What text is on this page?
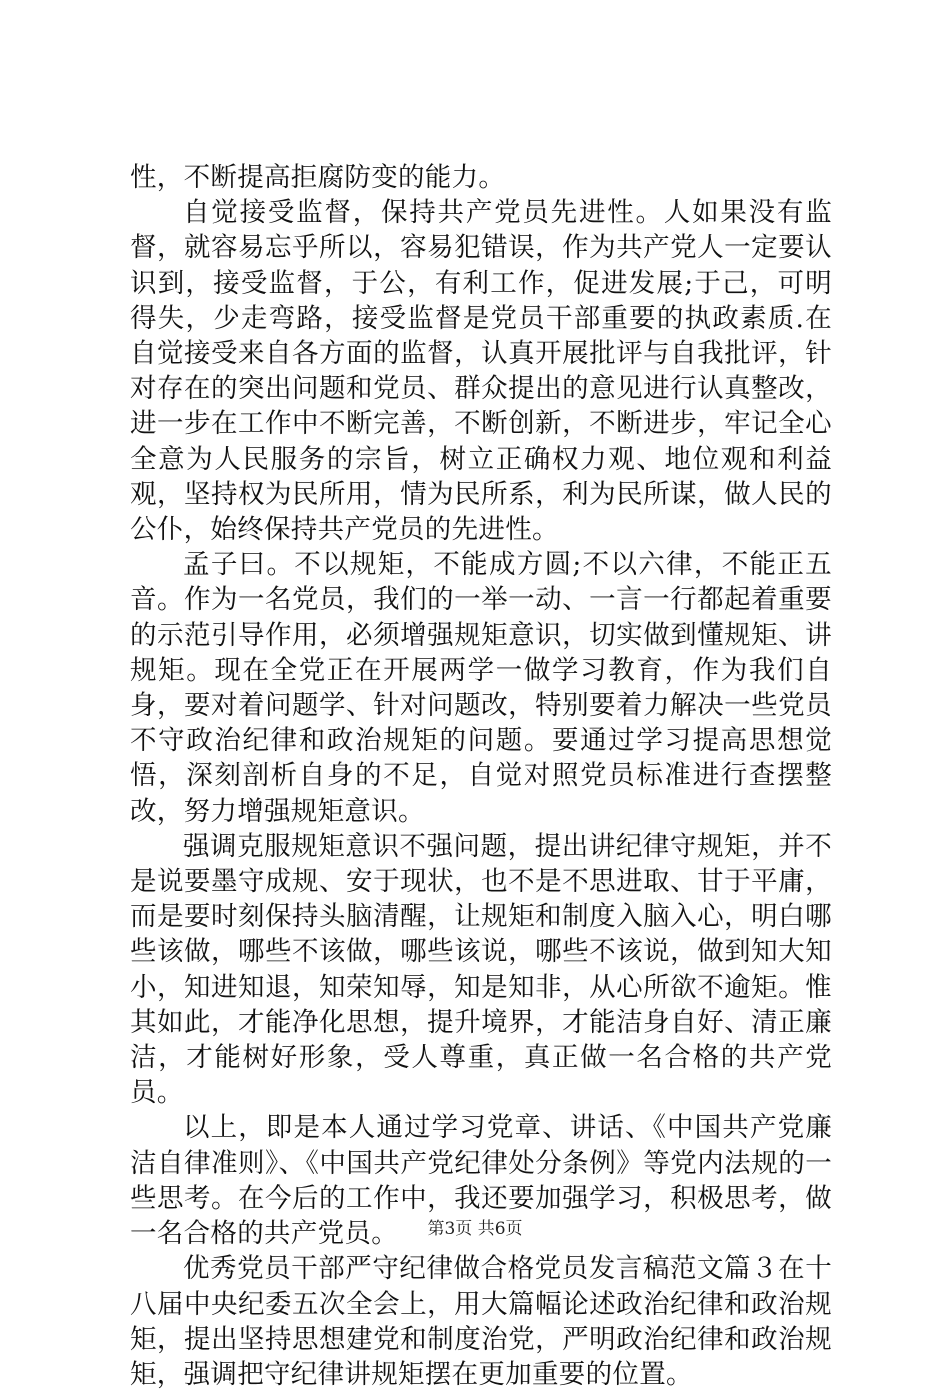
性，不断提高拒腐防变的能力。

自觉接受监督，保持共产党员先进性。人如果没有监督，就容易忘乎所以，容易犯错误，作为共产党人一定要认识到，接受监督，于公，有利工作，促进发展;于己，可明得失，少走弯路，接受监督是党员干部重要的执政素质.在自觉接受来自各方面的监督，认真开展批评与自我批评，针对存在的突出问题和党员、群众提出的意见进行认真整改，进一步在工作中不断完善，不断创新，不断进步，牢记全心全意为人民服务的宗旨，树立正确权力观、地位观和利益观，坚持权为民所用，情为民所系，利为民所谋，做人民的公仆，始终保持共产党员的先进性。

孟子曰。不以规矩，不能成方圆;不以六律，不能正五音。作为一名党员，我们的一举一动、一言一行都起着重要的示范引导作用，必须增强规矩意识，切实做到懂规矩、讲规矩。现在全党正在开展两学一做学习教育，作为我们自身，要对着问题学、针对问题改，特别要着力解决一些党员不守政治纪律和政治规矩的问题。要通过学习提高思想觉悟，深刻剖析自身的不足，自觉对照党员标准进行查摆整改，努力增强规矩意识。

强调克服规矩意识不强问题，提出讲纪律守规矩，并不是说要墨守成规、安于现状，也不是不思进取、甘于平庸，而是要时刻保持头脑清醒，让规矩和制度入脑入心，明白哪些该做，哪些不该做，哪些该说，哪些不该说，做到知大知小，知进知退，知荣知辱，知是知非，从心所欲不逾矩。惟其如此，才能净化思想，提升境界，才能洁身自好、清正廉洁，才能树好形象，受人尊重，真正做一名合格的共产党员。

以上，即是本人通过学习党章、讲话、《中国共产党廉洁自律准则》、《中国共产党纪律处分条例》等党内法规的一些思考。在今后的工作中，我还要加强学习，积极思考，做一名合格的共产党员。

优秀党员干部严守纪律做合格党员发言稿范文篇３在十八届中央纪委五次全会上，用大篇幅论述政治纪律和政治规矩，提出坚持思想建党和制度治党，严明政治纪律和政治规矩，强调把守纪律讲规矩摆在更加重要的位置。

第3页 共6页
